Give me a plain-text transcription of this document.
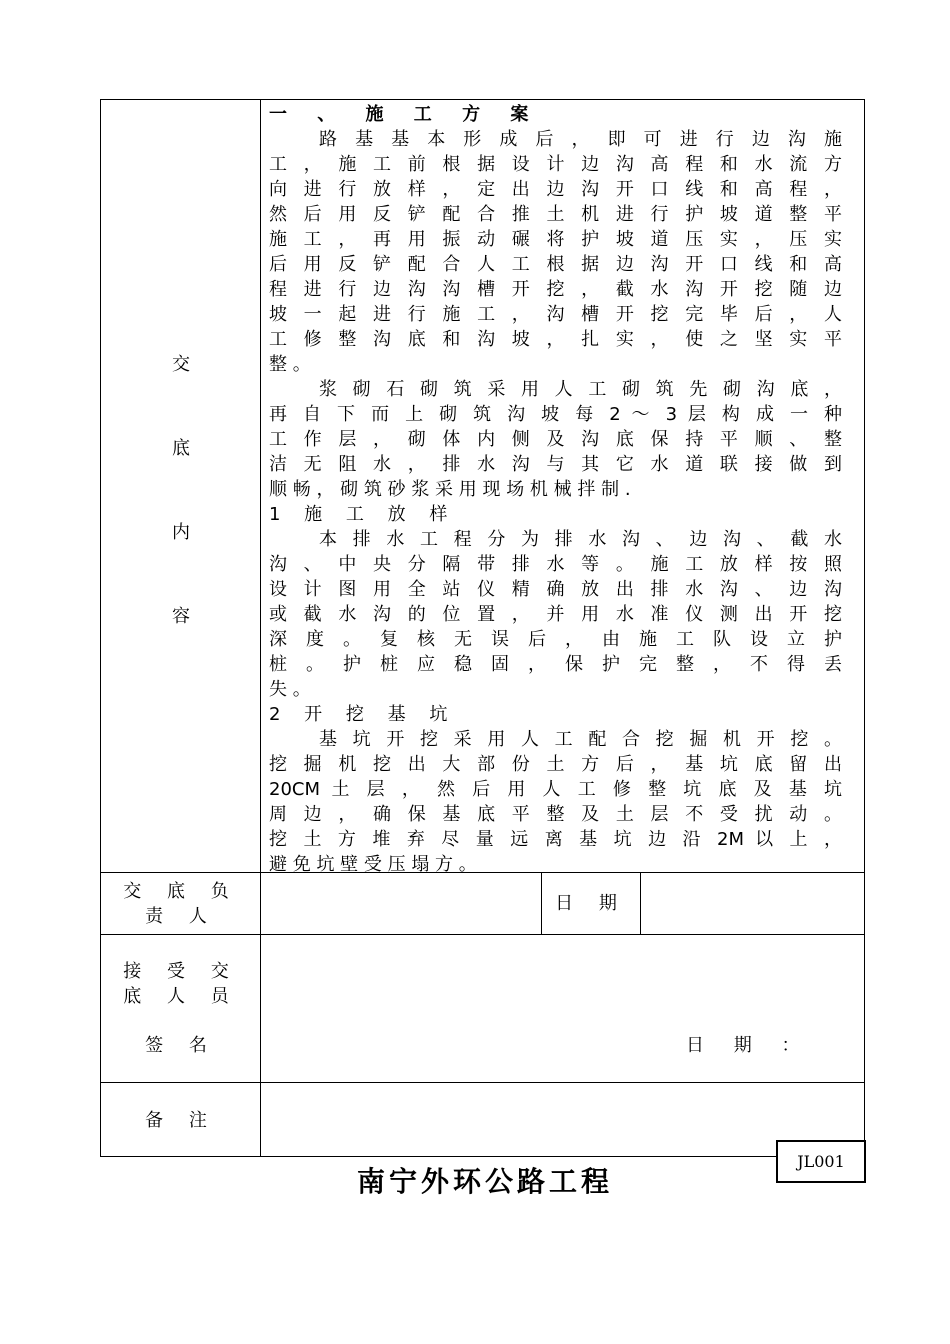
交
底
内
容

一 、 施 工 方 案

路 基 基 本 形 成 后 ， 即 可 进 行 边 沟 施

工 ， 施 工 前 根 据 设 计 边 沟 高 程 和 水 流 方

向 进 行 放 样 ， 定 出 边 沟 开 口 线 和 高 程 ，

然 后 用 反 铲 配 合 推 土 机 进 行 护 坡 道 整 平

施 工 ， 再 用 振 动 碾 将 护 坡 道 压 实 ， 压 实

后 用 反 铲 配 合 人 工 根 据 边 沟 开 口 线 和 高

程 进 行 边 沟 沟 槽 开 挖 ， 截 水 沟 开 挖 随 边

坡 一 起 进 行 施 工 ， 沟 槽 开 挖 完 毕 后 ， 人

工 修 整 沟 底 和 沟 坡 ， 扎 实 ， 使 之 坚 实 平

整 。

浆 砌 石 砌 筑 采 用 人 工 砌 筑 先 砌 沟 底 ，

再 自 下 而 上 砌 筑 沟 坡 每 2 ～ 3 层 构 成 一 种

工 作 层 ， 砌 体 内 侧 及 沟 底 保 持 平 顺 、 整

洁 无 阻 水 ， 排 水 沟 与 其 它 水 道 联 接 做 到

顺 畅 ， 砌 筑 砂 浆 采 用 现 场 机 械 拌 制 .

1 施 工 放 样

本 排 水 工 程 分 为 排 水 沟 、 边 沟 、 截 水

沟 、 中 央 分 隔 带 排 水 等 。 施 工 放 样 按 照

设 计 图 用 全 站 仪 精 确 放 出 排 水 沟 、 边 沟

或 截 水 沟 的 位 置 ， 并 用 水 准 仪 测 出 开 挖

深 度 。 复 核 无 误 后 ， 由 施 工 队 设 立 护

桩 。 护 桩 应 稳 固 ， 保 护 完 整 ， 不 得 丢

失 。

2 开 挖 基 坑

基 坑 开 挖 采 用 人 工 配 合 挖 掘 机 开 挖 。

挖 掘 机 挖 出 大 部 份 土 方 后 ， 基 坑 底 留 出

20CM 土 层 ， 然 后 用 人 工 修 整 坑 底 及 基 坑

周 边 ， 确 保 基 底 平 整 及 土 层 不 受 扰 动 。

挖 土 方 堆 弃 尽 量 远 离 基 坑 边 沿 2M 以 上 ，

避 免 坑 壁 受 压 塌 方 。

交 底 负
责 人
日 期
接 受 交
底 人 员
签 名	日 期 ：
备 注
JL001
南宁外环公路工程
